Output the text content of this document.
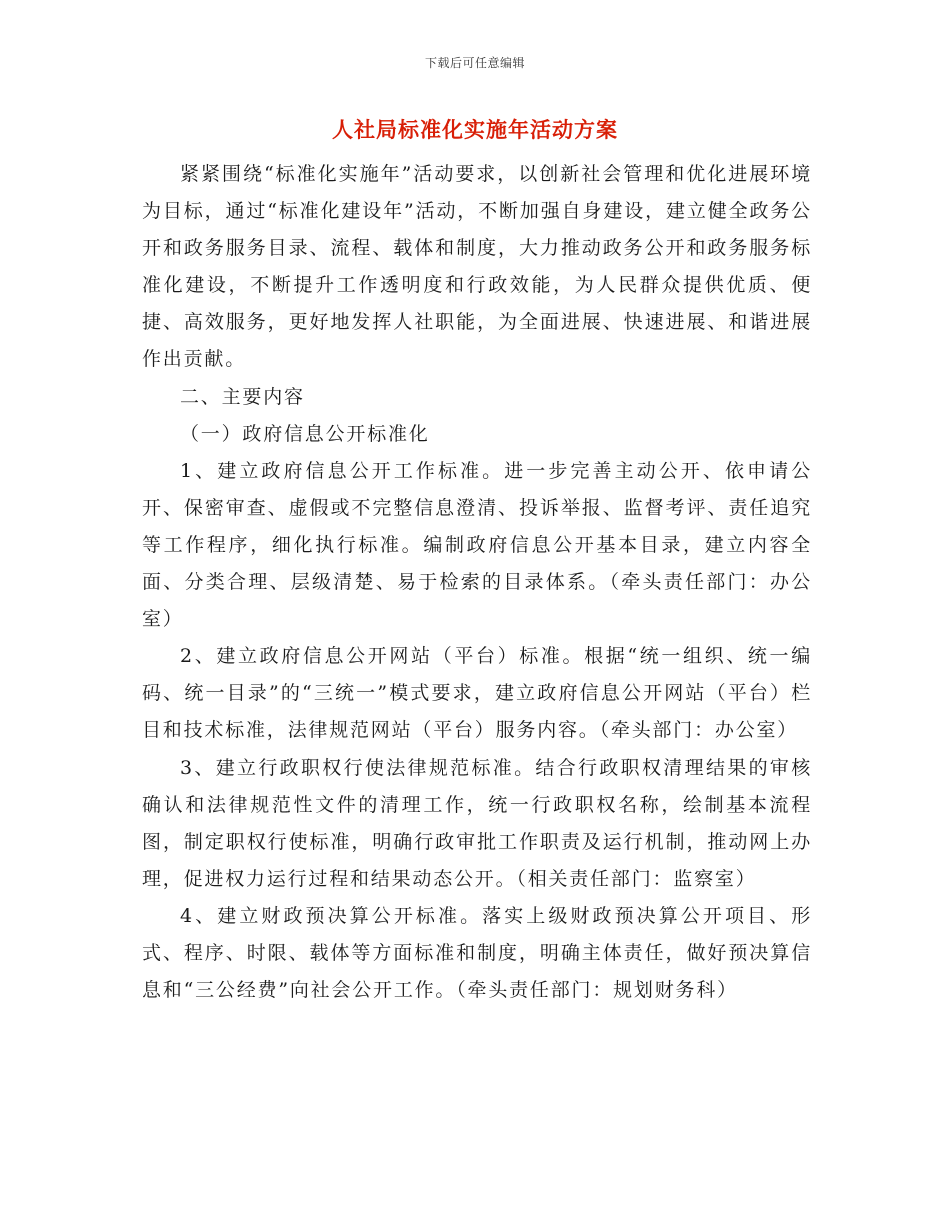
下载后可任意编辑
人社局标准化实施年活动方案

紧紧围绕“标准化实施年”活动要求，以创新社会管理和优化进展环境为目标，通过“标准化建设年”活动，不断加强自身建设，建立健全政务公开和政务服务目录、流程、载体和制度，大力推动政务公开和政务服务标准化建设，不断提升工作透明度和行政效能，为人民群众提供优质、便捷、高效服务，更好地发挥人社职能，为全面进展、快速进展、和谐进展作出贡献。

二、主要内容

（一）政府信息公开标准化

1、建立政府信息公开工作标准。进一步完善主动公开、依申请公开、保密审查、虚假或不完整信息澄清、投诉举报、监督考评、责任追究等工作程序，细化执行标准。编制政府信息公开基本目录，建立内容全面、分类合理、层级清楚、易于检索的目录体系。（牵头责任部门：办公室）

2、建立政府信息公开网站（平台）标准。根据“统一组织、统一编码、统一目录”的“三统一”模式要求，建立政府信息公开网站（平台）栏目和技术标准，法律规范网站（平台）服务内容。（牵头部门：办公室）

3、建立行政职权行使法律规范标准。结合行政职权清理结果的审核确认和法律规范性文件的清理工作，统一行政职权名称，绘制基本流程图，制定职权行使标准，明确行政审批工作职责及运行机制，推动网上办理，促进权力运行过程和结果动态公开。（相关责任部门：监察室）

4、建立财政预决算公开标准。落实上级财政预决算公开项目、形式、程序、时限、载体等方面标准和制度，明确主体责任，做好预决算信息和“三公经费”向社会公开工作。（牵头责任部门：规划财务科）
